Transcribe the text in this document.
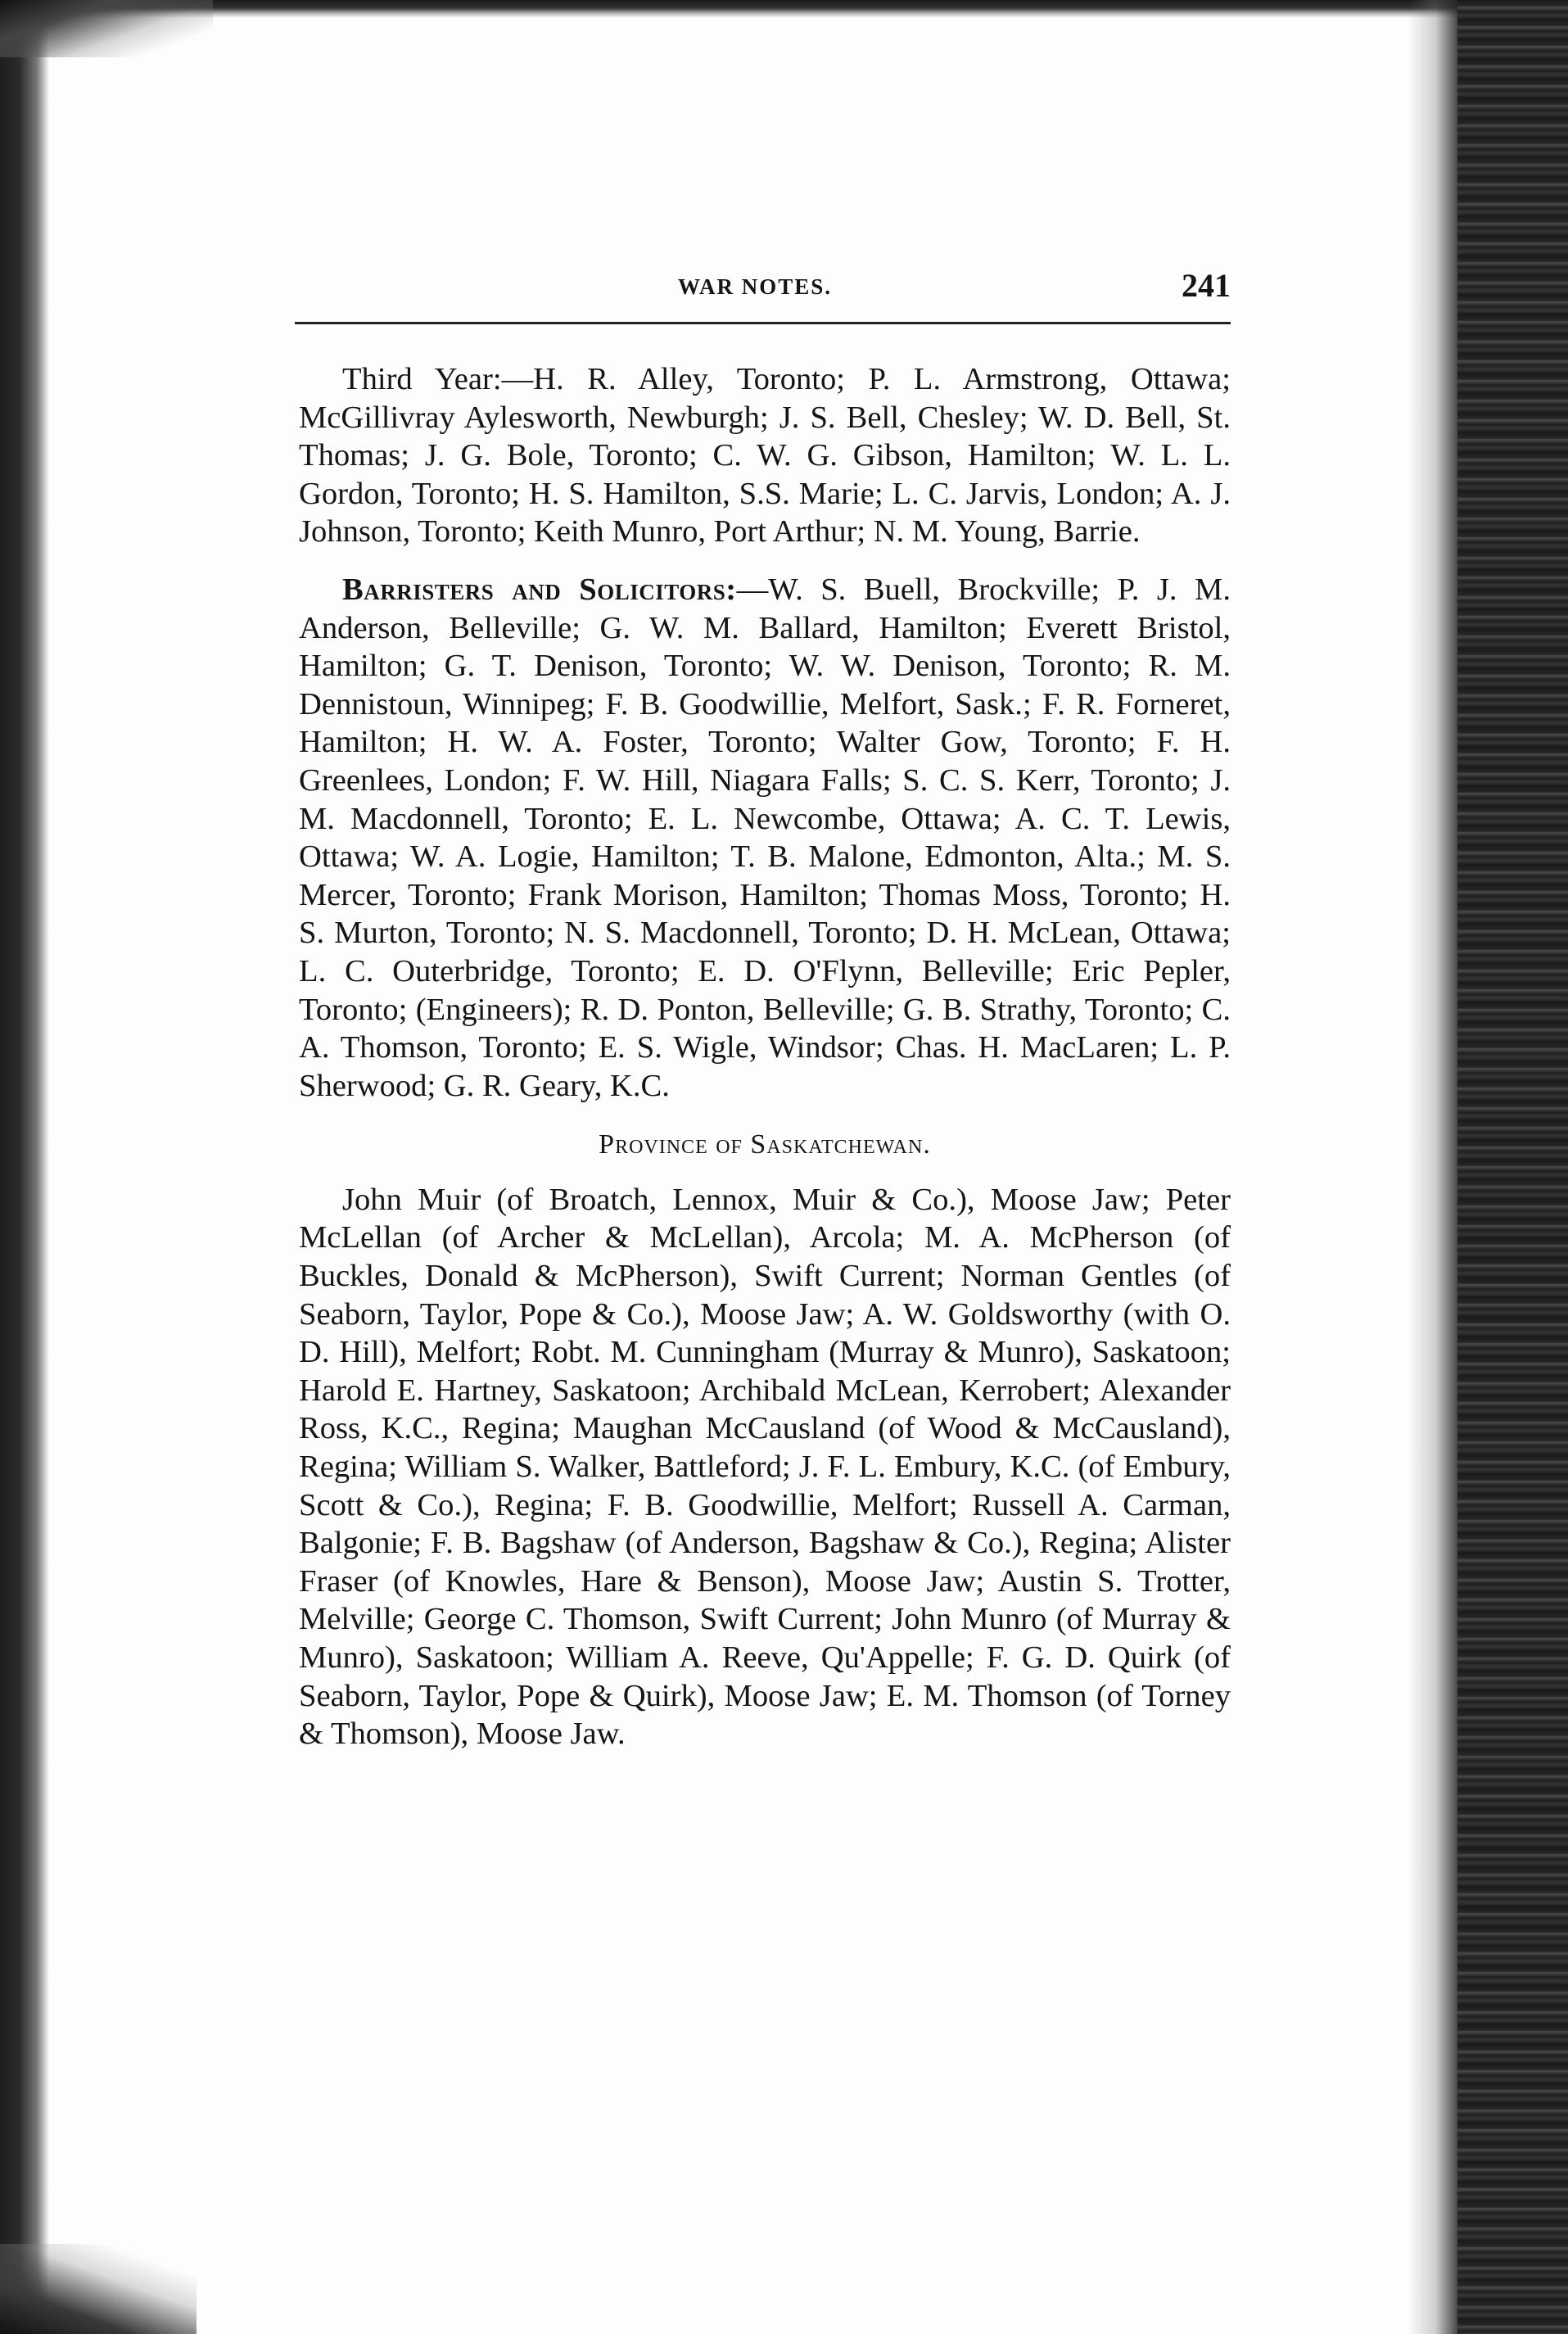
WAR NOTES.	241

Third Year:—H. R. Alley, Toronto; P. L. Armstrong, Ottawa; McGillivray Aylesworth, Newburgh; J. S. Bell, Chesley; W. D. Bell, St. Thomas; J. G. Bole, Toronto; C. W. G. Gibson, Hamilton; W. L. L. Gordon, Toronto; H. S. Hamilton, S.S. Marie; L. C. Jarvis, London; A. J. Johnson, Toronto; Keith Munro, Port Arthur; N. M. Young, Barrie.

Barristers and Solicitors:—W. S. Buell, Brockville; P. J. M. Anderson, Belleville; G. W. M. Ballard, Hamilton; Everett Bristol, Hamilton; G. T. Denison, Toronto; W. W. Denison, Toronto; R. M. Dennistoun, Winnipeg; F. B. Goodwillie, Melfort, Sask.; F. R. Forneret, Hamilton; H. W. A. Foster, Toronto; Walter Gow, Toronto; F. H. Greenlees, London; F. W. Hill, Niagara Falls; S. C. S. Kerr, Toronto; J. M. Macdonnell, Toronto; E. L. Newcombe, Ottawa; A. C. T. Lewis, Ottawa; W. A. Logie, Hamilton; T. B. Malone, Edmonton, Alta.; M. S. Mercer, Toronto; Frank Morison, Hamilton; Thomas Moss, Toronto; H. S. Murton, Toronto; N. S. Macdonnell, Toronto; D. H. McLean, Ottawa; L. C. Outerbridge, Toronto; E. D. O'Flynn, Belleville; Eric Pepler, Toronto; (Engineers); R. D. Ponton, Belleville; G. B. Strathy, Toronto; C. A. Thomson, Toronto; E. S. Wigle, Windsor; Chas. H. MacLaren; L. P. Sherwood; G. R. Geary, K.C.

Province of Saskatchewan.

John Muir (of Broatch, Lennox, Muir & Co.), Moose Jaw; Peter McLellan (of Archer & McLellan), Arcola; M. A. McPherson (of Buckles, Donald & McPherson), Swift Current; Norman Gentles (of Seaborn, Taylor, Pope & Co.), Moose Jaw; A. W. Goldsworthy (with O. D. Hill), Melfort; Robt. M. Cunningham (Murray & Munro), Saskatoon; Harold E. Hartney, Saskatoon; Archibald McLean, Kerrobert; Alexander Ross, K.C., Regina; Maughan McCausland (of Wood & McCausland), Regina; William S. Walker, Battleford; J. F. L. Embury, K.C. (of Embury, Scott & Co.), Regina; F. B. Goodwillie, Melfort; Russell A. Carman, Balgonie; F. B. Bagshaw (of Anderson, Bagshaw & Co.), Regina; Alister Fraser (of Knowles, Hare & Benson), Moose Jaw; Austin S. Trotter, Melville; George C. Thomson, Swift Current; John Munro (of Murray & Munro), Saskatoon; William A. Reeve, Qu'Appelle; F. G. D. Quirk (of Seaborn, Taylor, Pope & Quirk), Moose Jaw; E. M. Thomson (of Torney & Thomson), Moose Jaw.
